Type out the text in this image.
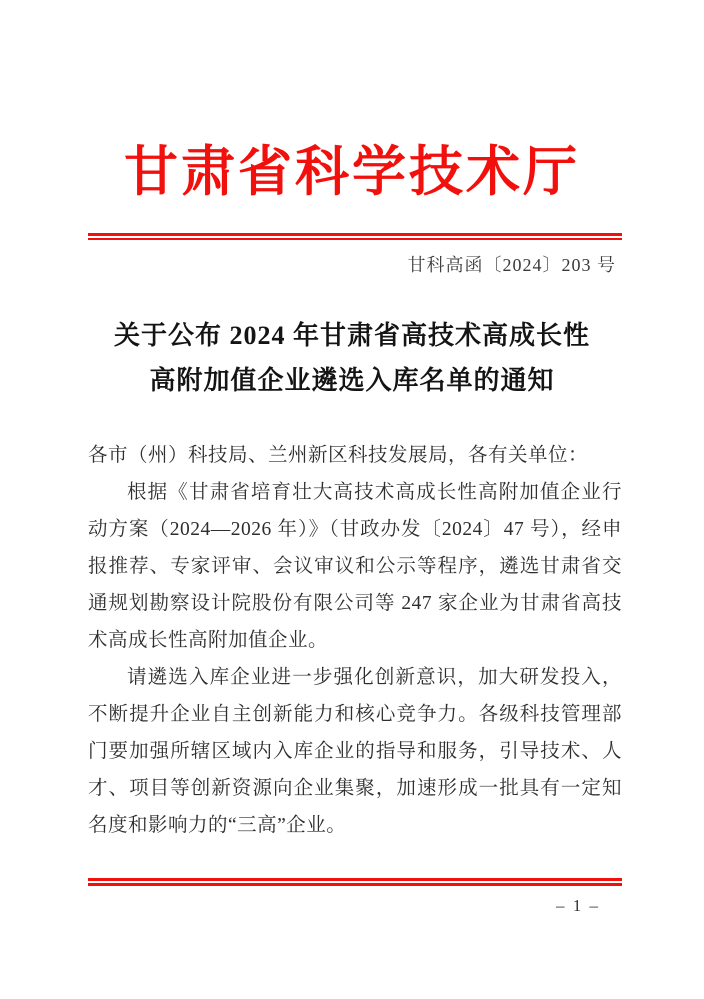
甘肃省科学技术厅
甘科高函〔2024〕203 号
关于公布 2024 年甘肃省高技术高成长性
高附加值企业遴选入库名单的通知

各市（州）科技局、兰州新区科技发展局，各有关单位：

根据《甘肃省培育壮大高技术高成长性高附加值企业行动方案（2024—2026 年）》（甘政办发〔2024〕47 号），经申报推荐、专家评审、会议审议和公示等程序，遴选甘肃省交通规划勘察设计院股份有限公司等 247 家企业为甘肃省高技术高成长性高附加值企业。

请遴选入库企业进一步强化创新意识，加大研发投入，不断提升企业自主创新能力和核心竞争力。各级科技管理部门要加强所辖区域内入库企业的指导和服务，引导技术、人才、项目等创新资源向企业集聚，加速形成一批具有一定知名度和影响力的“三高”企业。

– 1 –
